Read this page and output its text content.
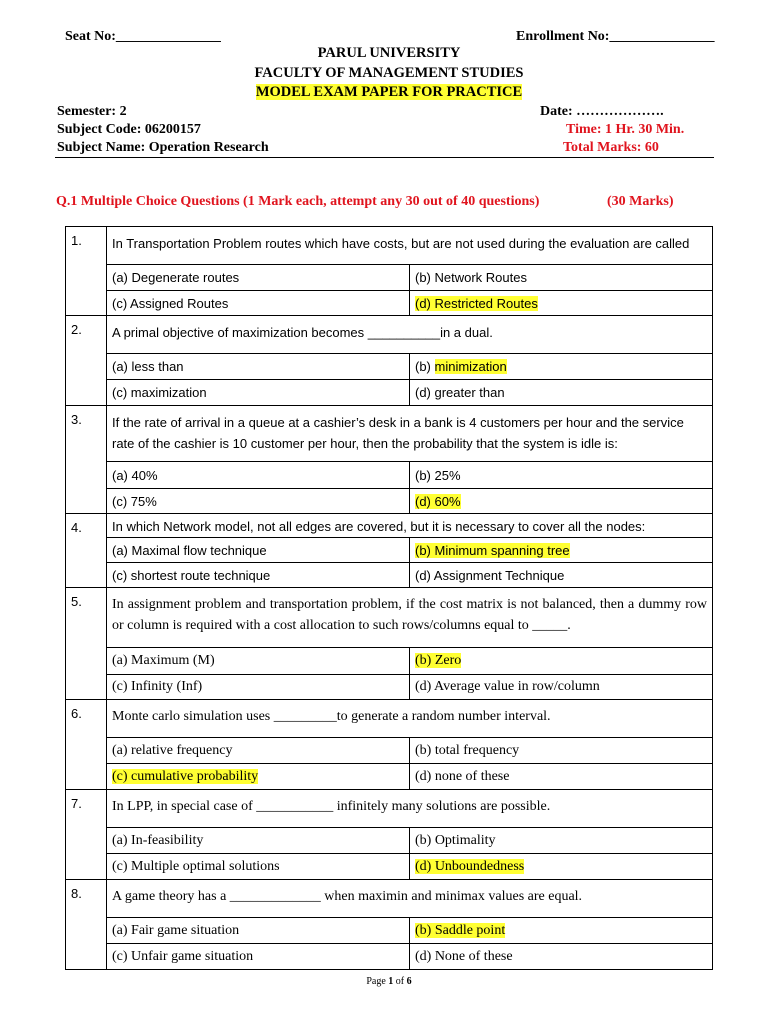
Seat No:_______________	Enrollment No:_______________
PARUL UNIVERSITY
FACULTY OF MANAGEMENT STUDIES
MODEL EXAM PAPER FOR PRACTICE
Semester: 2	Date: ……………….
Subject Code: 06200157	Time: 1 Hr. 30 Min.
Subject Name: Operation Research	Total Marks: 60
Q.1 Multiple Choice Questions (1 Mark each, attempt any 30 out of 40 questions)	(30 Marks)
1.	In Transportation Problem routes which have costs, but are not used during the evaluation are called	
	(a) Degenerate routes	(b) Network Routes
	(c) Assigned Routes	(d) Restricted Routes
2.	A primal objective of maximization becomes __________in a dual.	
	(a) less than	(b) minimization
	(c) maximization	(d) greater than
3.	If the rate of arrival in a queue at a cashier’s desk in a bank is 4 customers per hour and the service rate of the cashier is 10 customer per hour, then the probability that the system is idle is:	
	(a) 40%	(b) 25%
	(c) 75%	(d) 60%
4.	In which Network model, not all edges are covered, but it is necessary to cover all the nodes:	
	(a) Maximal flow technique	(b) Minimum spanning tree
	(c) shortest route technique	(d) Assignment Technique
5.	In assignment problem and transportation problem, if the cost matrix is not balanced, then a dummy row or column is required with a cost allocation to such rows/columns equal to _____.	
	(a) Maximum (M)	(b) Zero
	(c) Infinity (Inf)	(d) Average value in row/column
6.	Monte carlo simulation uses _________to generate a random number interval.	
	(a) relative frequency	(b) total frequency
	(c) cumulative probability	(d) none of these
7.	In LPP, in special case of ___________ infinitely many solutions are possible.	
	(a) In-feasibility	(b) Optimality
	(c) Multiple optimal solutions	(d) Unboundedness
8.	A game theory has a _____________ when maximin and minimax values are equal.	
	(a) Fair game situation	(b) Saddle point
	(c) Unfair game situation	(d) None of these
Page 1 of 6
